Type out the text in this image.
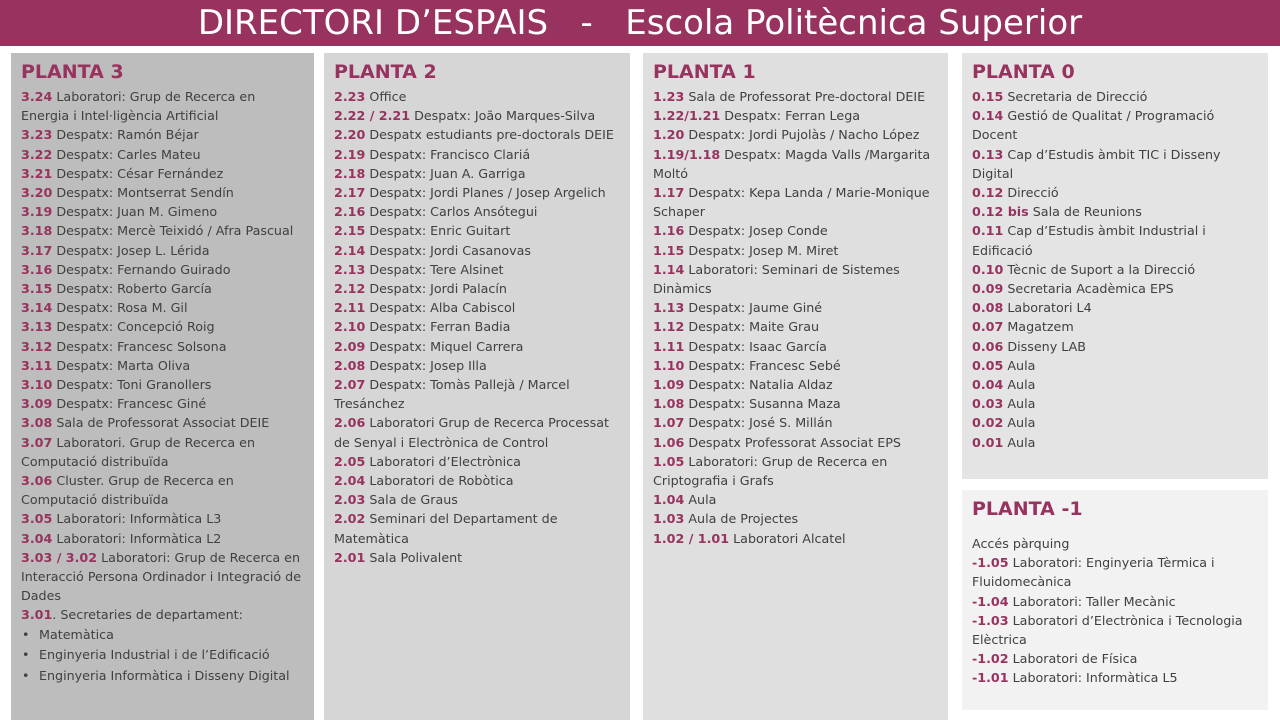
DIRECTORI D’ESPAIS   -   Escola Politècnica Superior
PLANTA 3
3.24 Laboratori: Grup de Recerca en Energia i Intel·ligència Artificial
3.23 Despatx: Ramón Béjar
3.22 Despatx: Carles Mateu
3.21 Despatx: César Fernández
3.20 Despatx: Montserrat Sendín
3.19 Despatx: Juan M. Gimeno
3.18 Despatx: Mercè Teixidó / Afra Pascual
3.17 Despatx: Josep L. Lérida
3.16 Despatx: Fernando Guirado
3.15 Despatx: Roberto García
3.14 Despatx: Rosa M. Gil
3.13 Despatx: Concepció Roig
3.12 Despatx: Francesc Solsona
3.11 Despatx: Marta Oliva
3.10 Despatx: Toni Granollers
3.09 Despatx: Francesc Giné
3.08 Sala de Professorat Associat DEIE
3.07 Laboratori. Grup de Recerca en Computació distribuïda
3.06 Cluster. Grup de Recerca en Computació distribuïda
3.05 Laboratori: Informàtica L3
3.04 Laboratori: Informàtica L2
3.03 / 3.02 Laboratori: Grup de Recerca en Interacció Persona Ordinador i Integració de Dades
3.01. Secretaries de departament:
• Matemàtica
• Enginyeria Industrial i de l’Edificació
• Enginyeria Informàtica i Disseny Digital
PLANTA 2
2.23 Office
2.22 / 2.21 Despatx: João Marques-Silva
2.20 Despatx estudiants pre-doctorals DEIE
2.19 Despatx: Francisco Clariá
2.18 Despatx: Juan A. Garriga
2.17 Despatx: Jordi Planes / Josep Argelich
2.16 Despatx: Carlos Ansótegui
2.15 Despatx: Enric Guitart
2.14 Despatx: Jordi Casanovas
2.13 Despatx: Tere Alsinet
2.12 Despatx: Jordi Palacín
2.11 Despatx: Alba Cabiscol
2.10 Despatx: Ferran Badia
2.09 Despatx: Miquel Carrera
2.08 Despatx: Josep Illa
2.07 Despatx: Tomàs Pallejà / Marcel Tresánchez
2.06 Laboratori Grup de Recerca Processat de Senyal i Electrònica de Control
2.05 Laboratori d’Electrònica
2.04 Laboratori de Robòtica
2.03 Sala de Graus
2.02 Seminari del Departament de Matemàtica
2.01 Sala Polivalent
PLANTA 1
1.23 Sala de Professorat Pre-doctoral DEIE
1.22/1.21 Despatx: Ferran Lega
1.20 Despatx: Jordi Pujolàs / Nacho López
1.19/1.18 Despatx: Magda Valls /Margarita Moltó
1.17 Despatx: Kepa Landa / Marie-Monique Schaper
1.16 Despatx: Josep Conde
1.15 Despatx: Josep M. Miret
1.14 Laboratori: Seminari de Sistemes Dinàmics
1.13 Despatx: Jaume Giné
1.12 Despatx: Maite Grau
1.11 Despatx: Isaac García
1.10 Despatx: Francesc Sebé
1.09 Despatx: Natalia Aldaz
1.08 Despatx: Susanna Maza
1.07 Despatx: José S. Millán
1.06 Despatx Professorat Associat EPS
1.05 Laboratori: Grup de Recerca en Criptografia i Grafs
1.04 Aula
1.03 Aula de Projectes
1.02 / 1.01 Laboratori Alcatel
PLANTA 0
0.15 Secretaria de Direcció
0.14 Gestió de Qualitat / Programació Docent
0.13 Cap d’Estudis àmbit TIC i Disseny Digital
0.12 Direcció
0.12 bis Sala de Reunions
0.11 Cap d’Estudis àmbit Industrial i Edificació
0.10 Tècnic de Suport a la Direcció
0.09 Secretaria Acadèmica EPS
0.08 Laboratori L4
0.07 Magatzem
0.06 Disseny LAB
0.05 Aula
0.04 Aula
0.03 Aula
0.02 Aula
0.01 Aula
PLANTA -1
Accés pàrquing
-1.05 Laboratori: Enginyeria Tèrmica i Fluidomecànica
-1.04 Laboratori: Taller Mecànic
-1.03 Laboratori d’Electrònica i Tecnologia Elèctrica
-1.02 Laboratori de Física
-1.01 Laboratori: Informàtica L5
